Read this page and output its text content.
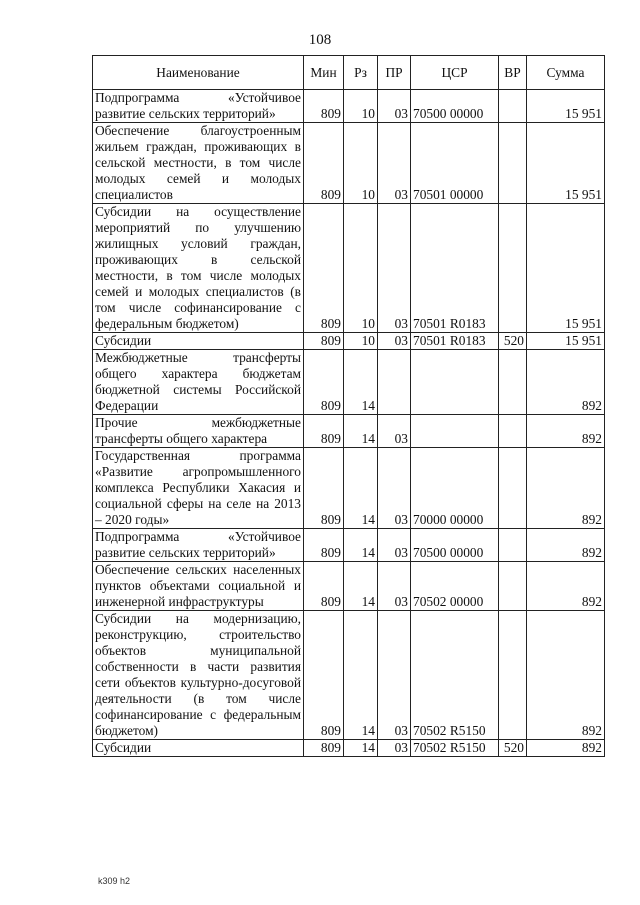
108
Наименование	Мин	Рз	ПР	ЦСР	ВР	Сумма
Подпрограмма «Устойчивое развитие сельских территорий»	809	10	03	70500 00000		15 951
Обеспечение благоустроенным жильем граждан, проживающих в сельской местности, в том числе молодых семей и молодых специалистов	809	10	03	70501 00000		15 951
Субсидии на осуществление мероприятий по улучшению жилищных условий граждан, проживающих в сельской местности, в том числе молодых семей и молодых специалистов (в том числе софинансирование с федеральным бюджетом)	809	10	03	70501 R0183		15 951
Субсидии	809	10	03	70501 R0183	520	15 951
Межбюджетные трансферты общего характера бюджетам бюджетной системы Российской Федерации	809	14				892
Прочие межбюджетные трансферты общего характера	809	14	03			892
Государственная программа «Развитие агропромышленного комплекса Республики Хакасия и социальной сферы на селе на 2013 – 2020 годы»	809	14	03	70000 00000		892
Подпрограмма «Устойчивое развитие сельских территорий»	809	14	03	70500 00000		892
Обеспечение сельских населенных пунктов объектами социальной и инженерной инфраструктуры	809	14	03	70502 00000		892
Субсидии на модернизацию, реконструкцию, строительство объектов муниципальной собственности в части развития сети объектов культурно-досуговой деятельности (в том числе софинансирование с федеральным бюджетом)	809	14	03	70502 R5150		892
Субсидии	809	14	03	70502 R5150	520	892
k309 h2
